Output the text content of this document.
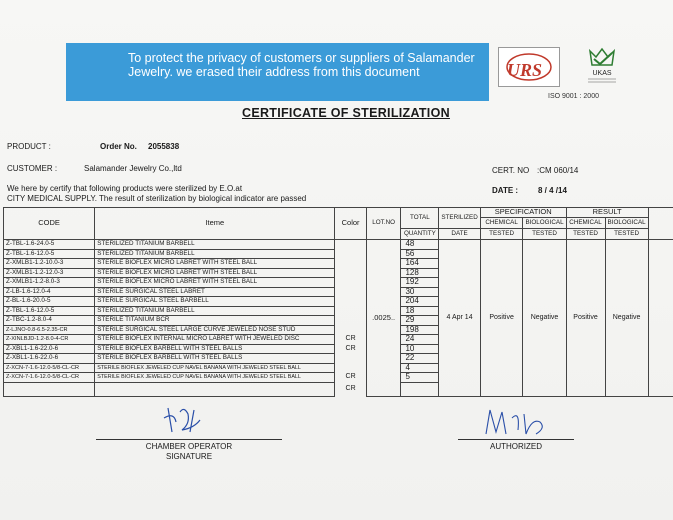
To protect the privacy of customers or suppliers of Salamander Jewelry. we erased their address from this document	URS	UKAS
ISO 9001 : 2000
CERTIFICATE OF STERILIZATION
PRODUCT :	Order No. 2055838
CUSTOMER :	Salamander Jewelry Co.,ltd	CERT. NO :CM 060/14
DATE : 8 / 4 /14
We here by certify that following products were sterilized by E.O.at
CITY MEDICAL SUPPLY. The result of sterilization by biological indicator are passed
CODE	Iteme	Color	LOT.NO	TOTAL	STERILIZED	SPECIFICATION		RESULT		
						CHEMICAL	BIOLOGICAL	CHEMICAL	BIOLOGICAL	
				QUANTITY	DATE	TESTED	TESTED	TESTED	TESTED	
Z-TBL-1.6-24.0-5	STERILIZED TITANIUM BARBELL		.0025..	48	4 Apr 14	Positive	Negative	Positive	Negative	
Z-TBL-1.6-12.0-5	STERILIZED TITANIUM BARBELL			56						
Z-XMLB1-1.2-10.0-3	STERILE BIOFLEX MICRO LABRET WITH STEEL BALL			164						
Z-XMLB1-1.2-12.0-3	STERILE BIOFLEX MICRO LABRET WITH STEEL BALL			128						
Z-XMLB1-1.2-8.0-3	STERILE BIOFLEX MICRO LABRET WITH STEEL BALL			192						
Z-LB-1.6-12.0-4	STERILE SURGICAL STEEL LABRET			30						
Z-BL-1.6-20.0-5	STERILE SURGICAL STEEL BARBELL			204						
Z-TBL-1.6-12.0-5	STERILIZED TITANIUM BARBELL			18						
Z-TBC-1.2-8.0-4	STERILE TITANIUM BCR			29						
Z-LJNO-0.8-6.5-2.35-CR	STERILE SURGICAL STEEL LARGE CURVE JEWELED NOSE STUD			198						
Z-XINLBJD-1.2-8.0-4-CR	STERILE BIOFLEX INTERNAL MICRO LABRET WITH JEWELED DISC	CR		24						
Z-XBL1-1.6-22.0-6	STERILE BIOFLEX BARBELL WITH STEEL BALLS	CR		10						
Z-XBL1-1.6-22.0-6	STERILE BIOFLEX BARBELL WITH STEEL BALLS			22						
Z-XCN-7-1.6-12.0-5/8-CL-CR	STERILE BIOFLEX JEWELED CUP NAVEL BANANA WITH JEWELED STEEL BALL			4						
Z-XCN-7-1.6-12.0-5/8-CL-CR	STERILE BIOFLEX JEWELED CUP NAVEL BANANA WITH JEWELED STEEL BALL	CR		5						
		CR								
CHAMBER OPERATOR
SIGNATURE
AUTHORIZED
